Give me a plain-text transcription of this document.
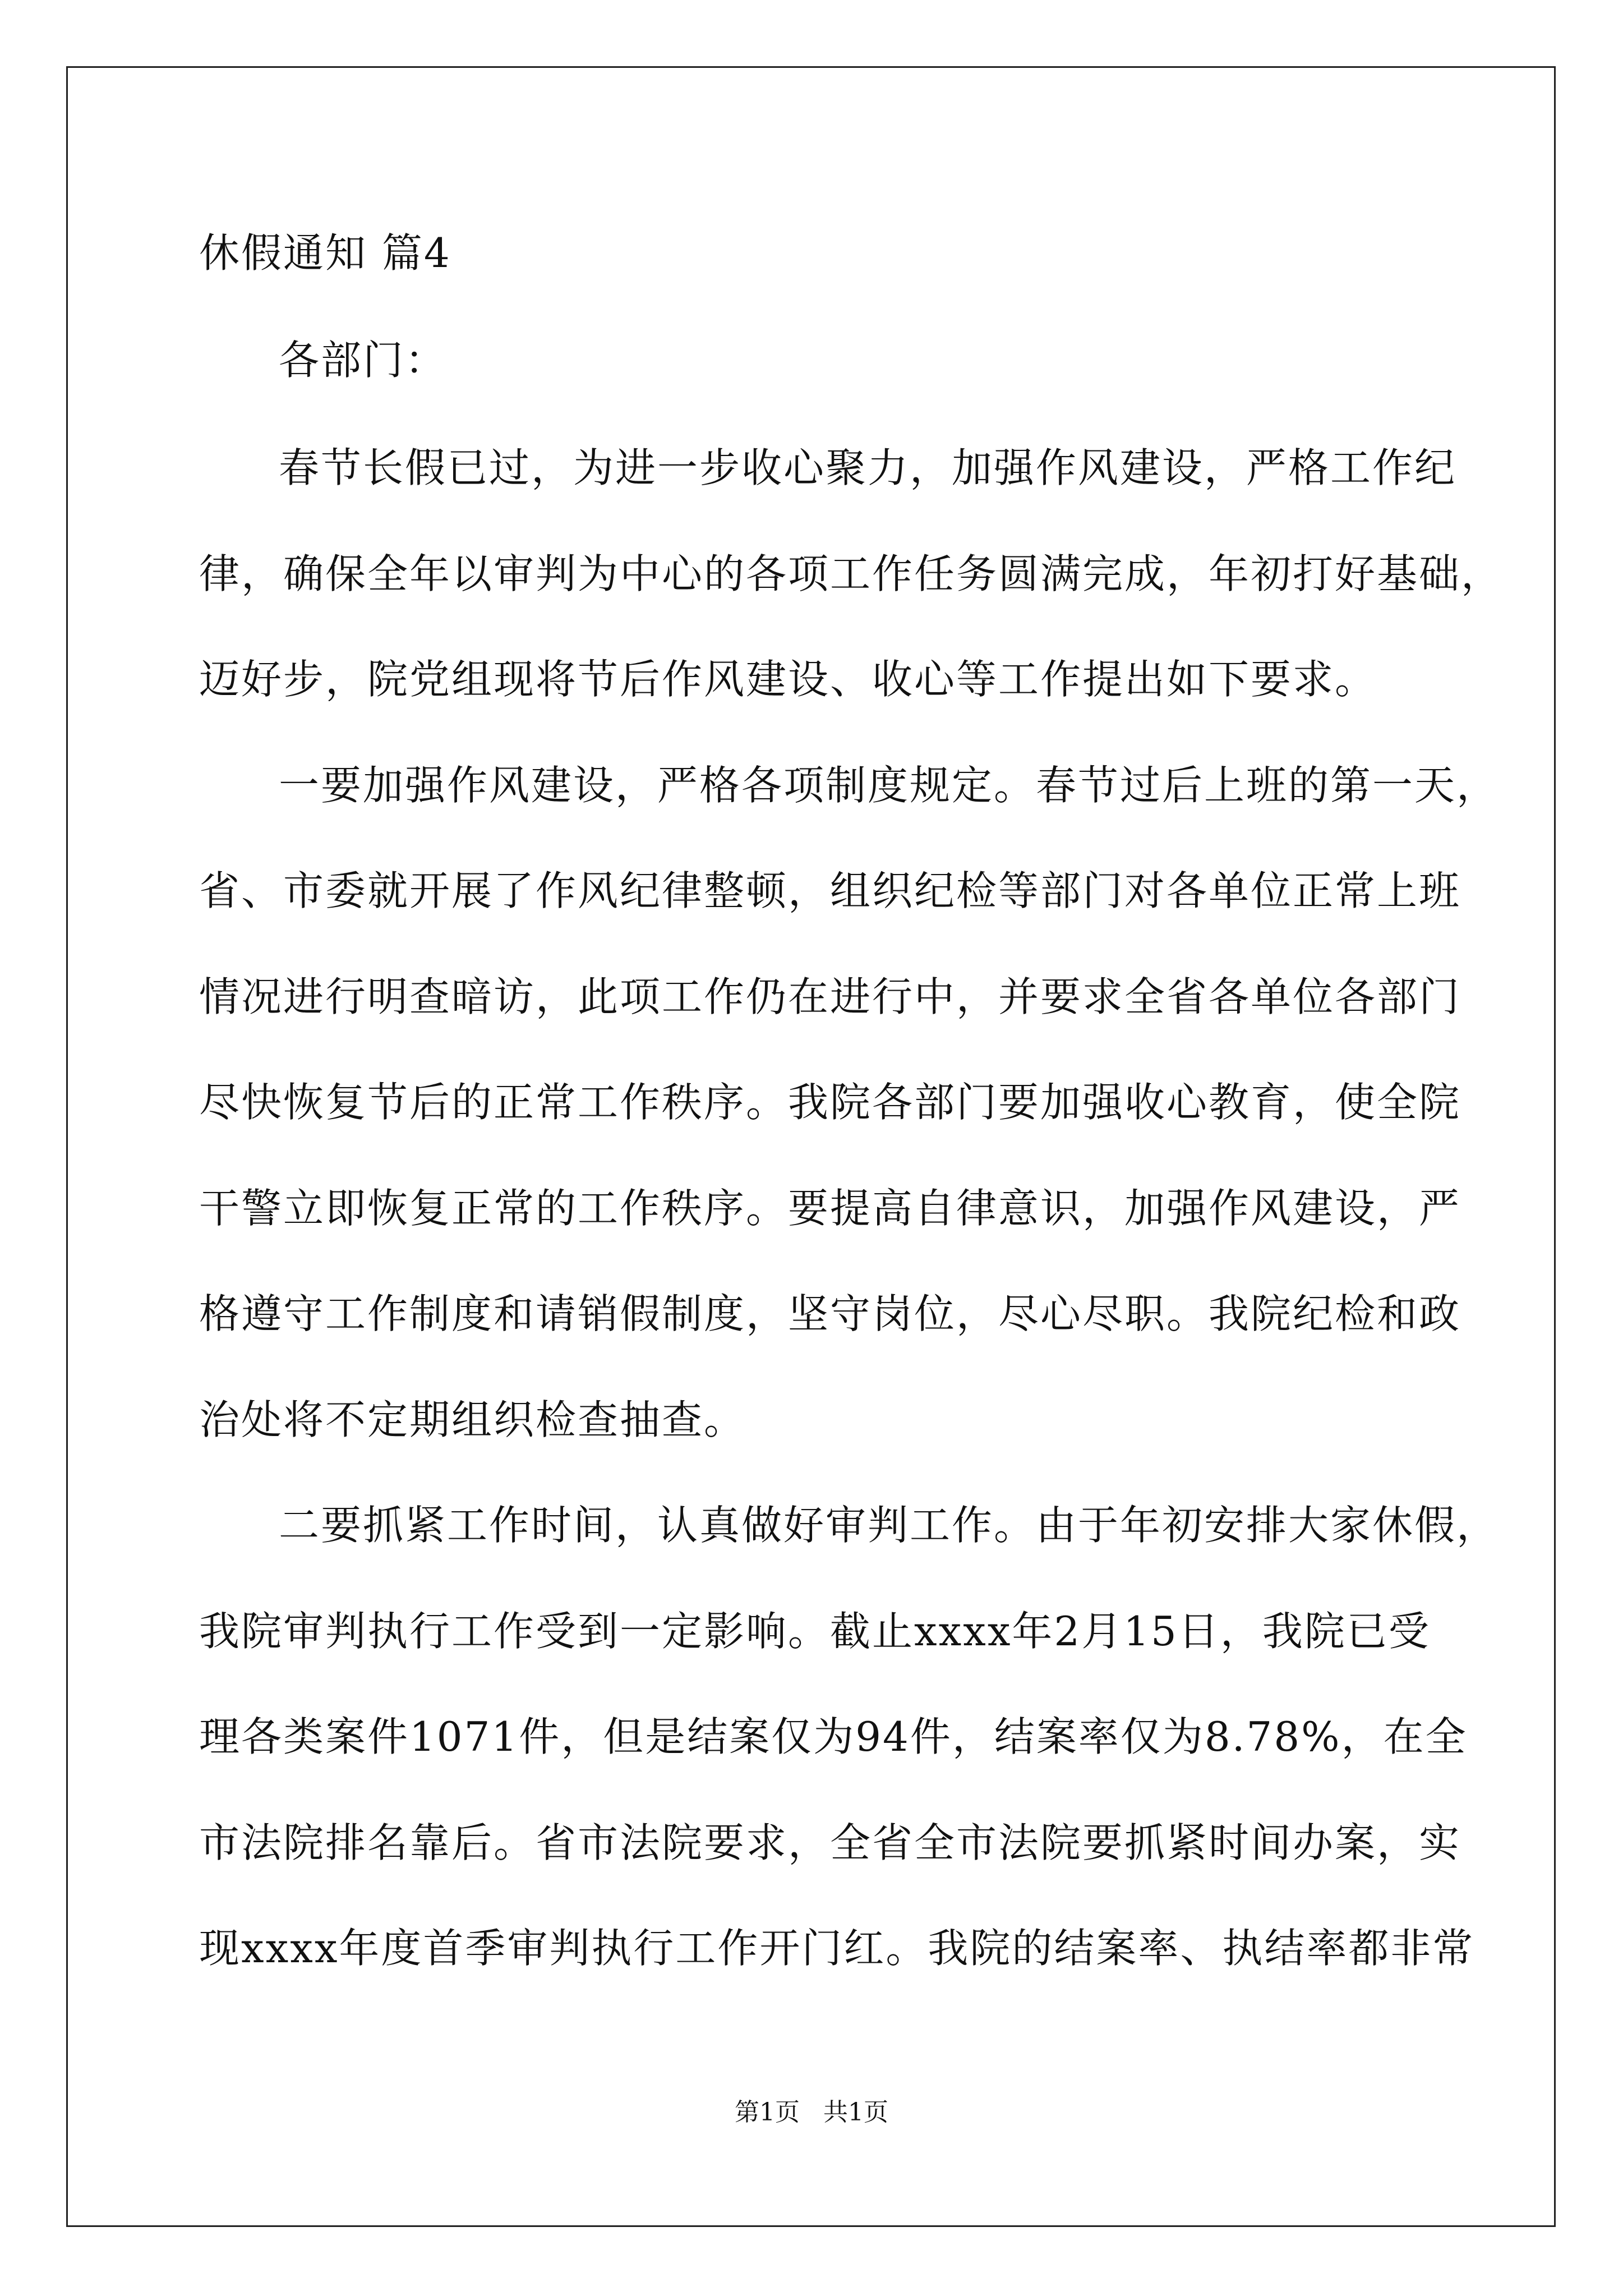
休假通知 篇4
各部门：
春节长假已过，为进一步收心聚力，加强作风建设，严格工作纪
律，确保全年以审判为中心的各项工作任务圆满完成，年初打好基础，
迈好步，院党组现将节后作风建设、收心等工作提出如下要求。
一要加强作风建设，严格各项制度规定。春节过后上班的第一天，
省、市委就开展了作风纪律整顿，组织纪检等部门对各单位正常上班
情况进行明查暗访，此项工作仍在进行中，并要求全省各单位各部门
尽快恢复节后的正常工作秩序。我院各部门要加强收心教育，使全院
干警立即恢复正常的工作秩序。要提高自律意识，加强作风建设，严
格遵守工作制度和请销假制度，坚守岗位，尽心尽职。我院纪检和政
治处将不定期组织检查抽查。
二要抓紧工作时间，认真做好审判工作。由于年初安排大家休假，
我院审判执行工作受到一定影响。截止xxxx年2月15日，我院已受
理各类案件1071件，但是结案仅为94件，结案率仅为8.78%，在全
市法院排名靠后。省市法院要求，全省全市法院要抓紧时间办案，实
现xxxx年度首季审判执行工作开门红。我院的结案率、执结率都非常
第1页   共1页
